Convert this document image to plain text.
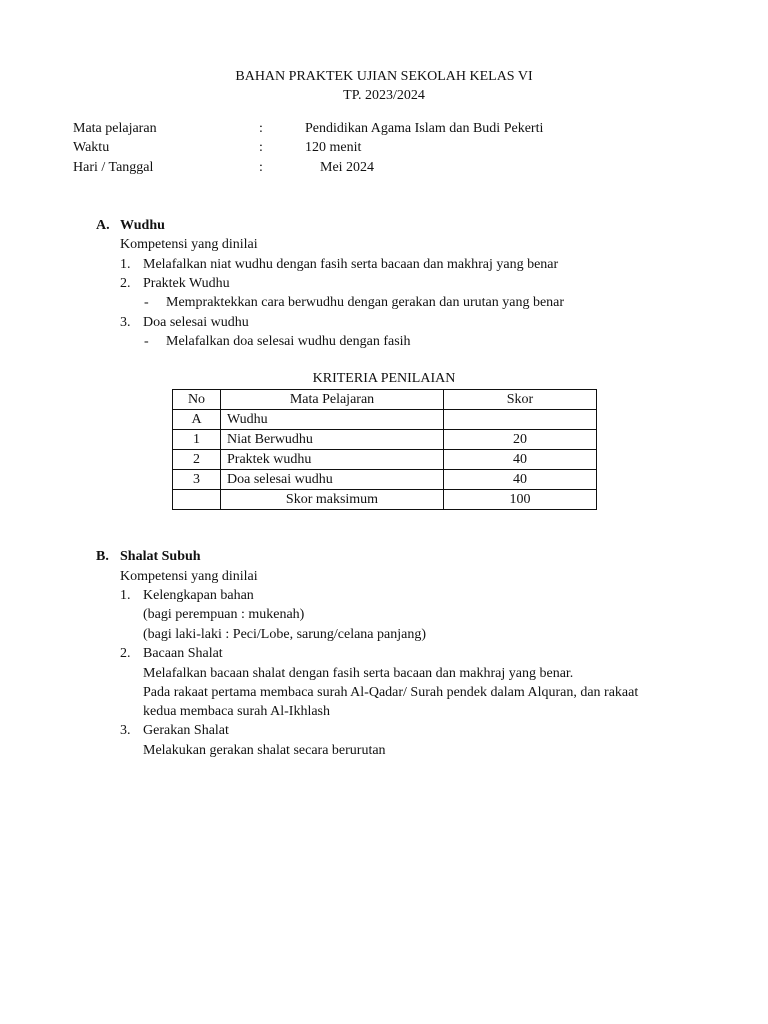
BAHAN PRAKTEK UJIAN SEKOLAH KELAS VI
TP. 2023/2024
Mata pelajaran	:	Pendidikan Agama Islam dan Budi Pekerti
Waktu	:	120 menit
Hari / Tanggal	:	Mei 2024
A. Wudhu
Kompetensi yang dinilai
1. Melafalkan niat wudhu dengan fasih serta bacaan dan makhraj yang benar
2. Praktek Wudhu
- Mempraktekkan cara berwudhu dengan gerakan dan urutan yang benar
3. Doa selesai wudhu
- Melafalkan doa selesai wudhu dengan fasih
KRITERIA PENILAIAN
No	Mata Pelajaran	Skor
A	Wudhu	
1	Niat Berwudhu	20
2	Praktek wudhu	40
3	Doa selesai wudhu	40
	Skor maksimum	100
B. Shalat Subuh
Kompetensi yang dinilai
1. Kelengkapan bahan
(bagi perempuan : mukenah)
(bagi laki-laki : Peci/Lobe, sarung/celana panjang)
2. Bacaan Shalat
Melafalkan bacaan shalat dengan fasih serta bacaan dan makhraj yang benar.
Pada rakaat pertama membaca surah Al-Qadar/ Surah pendek dalam Alquran, dan rakaat
kedua membaca surah Al-Ikhlash
3. Gerakan Shalat
Melakukan gerakan shalat secara berurutan
